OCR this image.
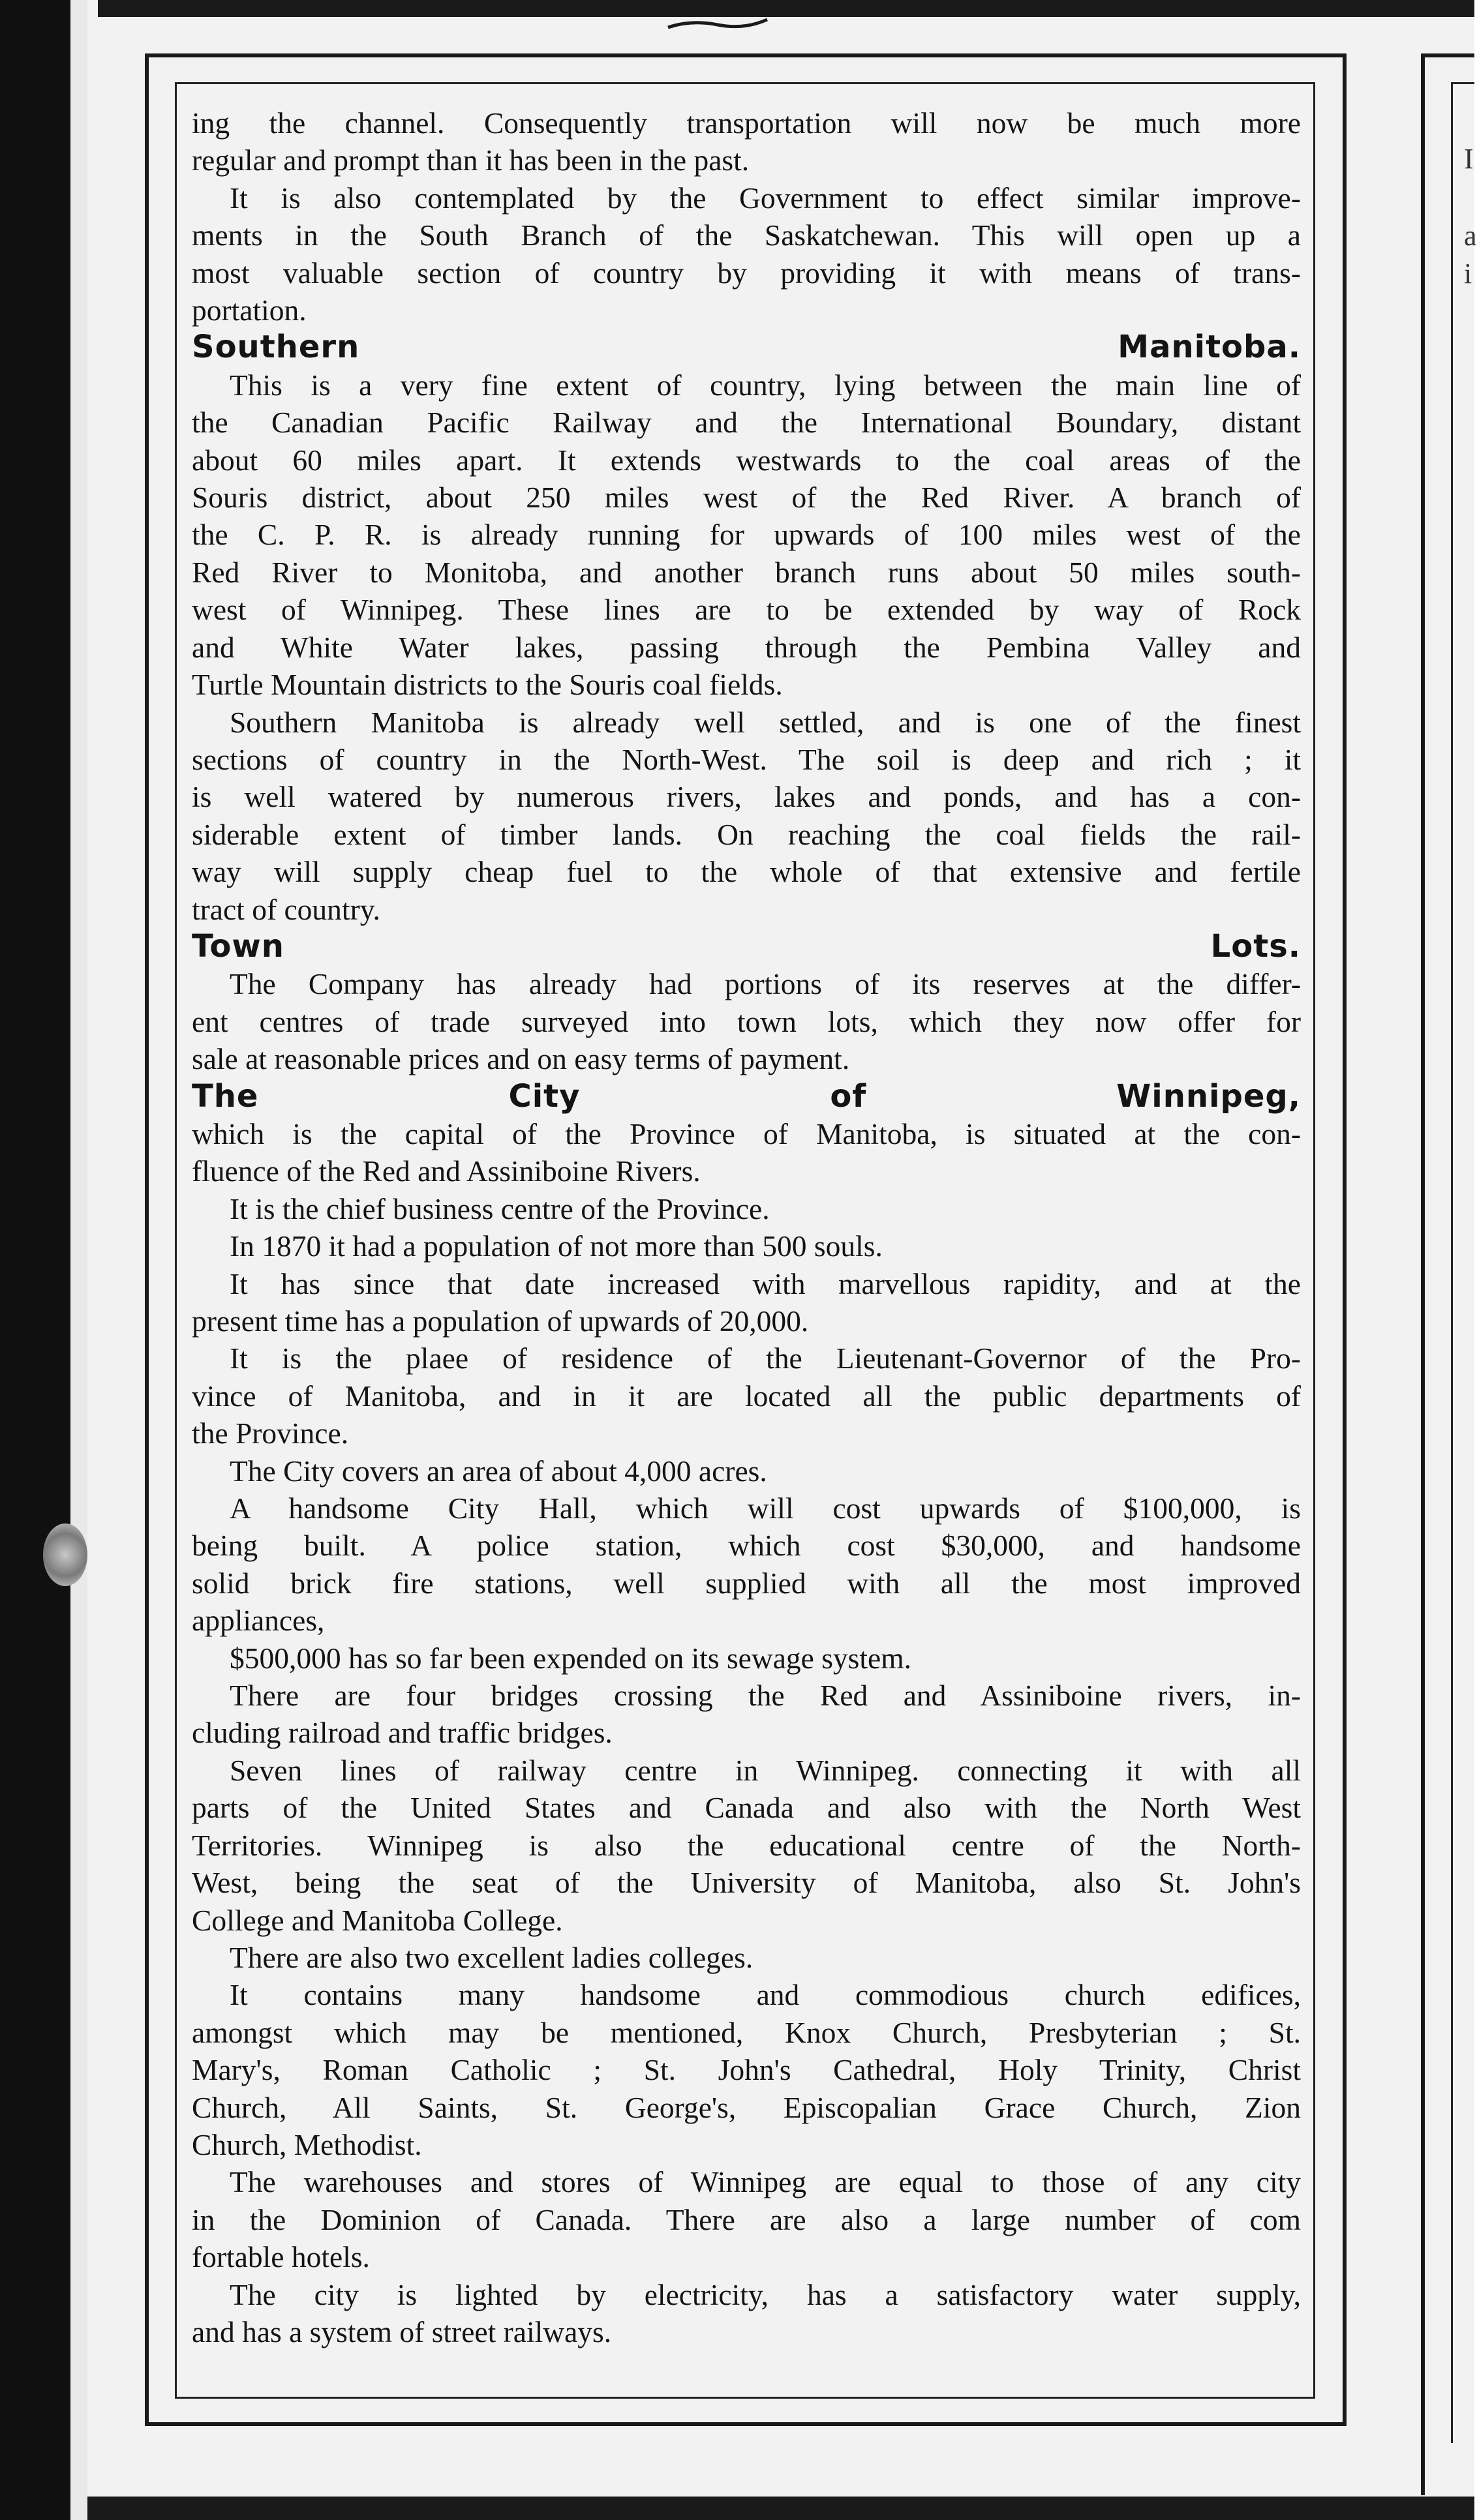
I
a
i
ing the channel. Consequently transportation will now be much more
regular and prompt than it has been in the past.
It is also contemplated by the Government to effect similar improve-
ments in the South Branch of the Saskatchewan. This will open up a
most valuable section of country by providing it with means of trans-
portation.
Southern Manitoba.
This is a very fine extent of country, lying between the main line of
the Canadian Pacific Railway and the International Boundary, distant
about 60 miles apart. It extends westwards to the coal areas of the
Souris district, about 250 miles west of the Red River. A branch of
the C. P. R. is already running for upwards of 100 miles west of the
Red River to Monitoba, and another branch runs about 50 miles south-
west of Winnipeg. These lines are to be extended by way of Rock
and White Water lakes, passing through the Pembina Valley and
Turtle Mountain districts to the Souris coal fields.
Southern Manitoba is already well settled, and is one of the finest
sections of country in the North-West. The soil is deep and rich ; it
is well watered by numerous rivers, lakes and ponds, and has a con-
siderable extent of timber lands. On reaching the coal fields the rail-
way will supply cheap fuel to the whole of that extensive and fertile
tract of country.
Town Lots.
The Company has already had portions of its reserves at the differ-
ent centres of trade surveyed into town lots, which they now offer for
sale at reasonable prices and on easy terms of payment.
The City of Winnipeg,
which is the capital of the Province of Manitoba, is situated at the con-
fluence of the Red and Assiniboine Rivers.
It is the chief business centre of the Province.
In 1870 it had a population of not more than 500 souls.
It has since that date increased with marvellous rapidity, and at the
present time has a population of upwards of 20,000.
It is the plaee of residence of the Lieutenant-Governor of the Pro-
vince of Manitoba, and in it are located all the public departments of
the Province.
The City covers an area of about 4,000 acres.
A handsome City Hall, which will cost upwards of $100,000, is
being built. A police station, which cost $30,000, and handsome
solid brick fire stations, well supplied with all the most improved
appliances,
$500,000 has so far been expended on its sewage system.
There are four bridges crossing the Red and Assiniboine rivers, in-
cluding railroad and traffic bridges.
Seven lines of railway centre in Winnipeg. connecting it with all
parts of the United States and Canada and also with the North West
Territories. Winnipeg is also the educational centre of the North-
West, being the seat of the University of Manitoba, also St. John's
College and Manitoba College.
There are also two excellent ladies colleges.
It contains many handsome and commodious church edifices,
amongst which may be mentioned, Knox Church, Presbyterian ; St.
Mary's, Roman Catholic ; St. John's Cathedral, Holy Trinity, Christ
Church, All Saints, St. George's, Episcopalian Grace Church, Zion
Church, Methodist.
The warehouses and stores of Winnipeg are equal to those of any city
in the Dominion of Canada. There are also a large number of com
fortable hotels.
The city is lighted by electricity, has a satisfactory water supply,
and has a system of street railways.
